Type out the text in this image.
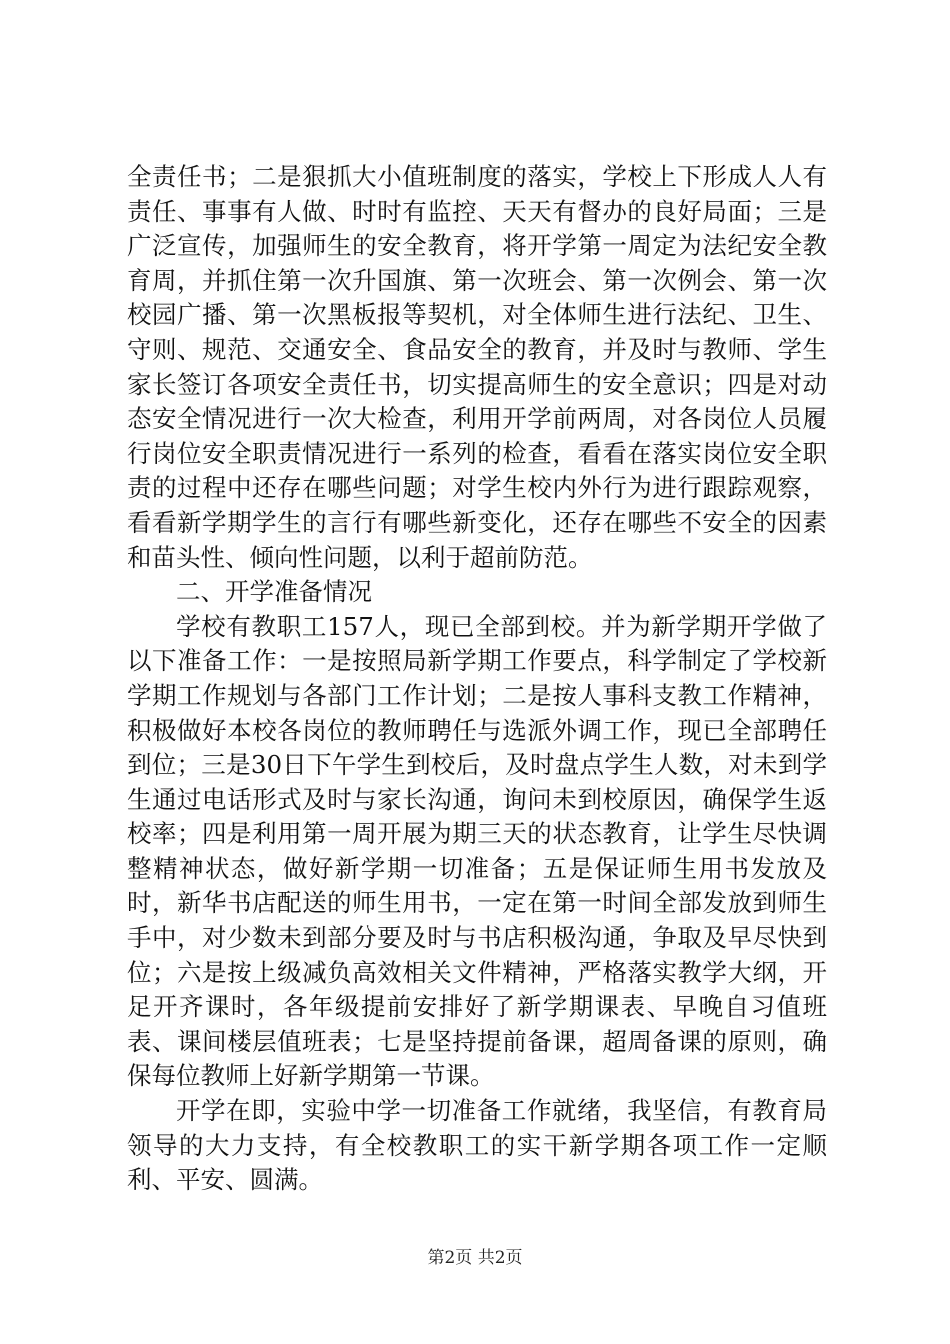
全责任书；二是狠抓大小值班制度的落实，学校上下形成人人有责任、事事有人做、时时有监控、天天有督办的良好局面；三是广泛宣传，加强师生的安全教育，将开学第一周定为法纪安全教育周，并抓住第一次升国旗、第一次班会、第一次例会、第一次校园广播、第一次黑板报等契机，对全体师生进行法纪、卫生、守则、规范、交通安全、食品安全的教育，并及时与教师、学生家长签订各项安全责任书，切实提高师生的安全意识；四是对动态安全情况进行一次大检查，利用开学前两周，对各岗位人员履行岗位安全职责情况进行一系列的检查，看看在落实岗位安全职责的过程中还存在哪些问题；对学生校内外行为进行跟踪观察，看看新学期学生的言行有哪些新变化，还存在哪些不安全的因素和苗头性、倾向性问题，以利于超前防范。

二、开学准备情况

学校有教职工157人，现已全部到校。并为新学期开学做了以下准备工作：一是按照局新学期工作要点，科学制定了学校新学期工作规划与各部门工作计划；二是按人事科支教工作精神，积极做好本校各岗位的教师聘任与选派外调工作，现已全部聘任到位；三是30日下午学生到校后，及时盘点学生人数，对未到学生通过电话形式及时与家长沟通，询问未到校原因，确保学生返校率；四是利用第一周开展为期三天的状态教育，让学生尽快调整精神状态，做好新学期一切准备；五是保证师生用书发放及时，新华书店配送的师生用书，一定在第一时间全部发放到师生手中，对少数未到部分要及时与书店积极沟通，争取及早尽快到位；六是按上级减负高效相关文件精神，严格落实教学大纲，开足开齐课时，各年级提前安排好了新学期课表、早晚自习值班表、课间楼层值班表；七是坚持提前备课，超周备课的原则，确保每位教师上好新学期第一节课。

开学在即，实验中学一切准备工作就绪，我坚信，有教育局领导的大力支持，有全校教职工的实干新学期各项工作一定顺利、平安、圆满。

第2页 共2页
